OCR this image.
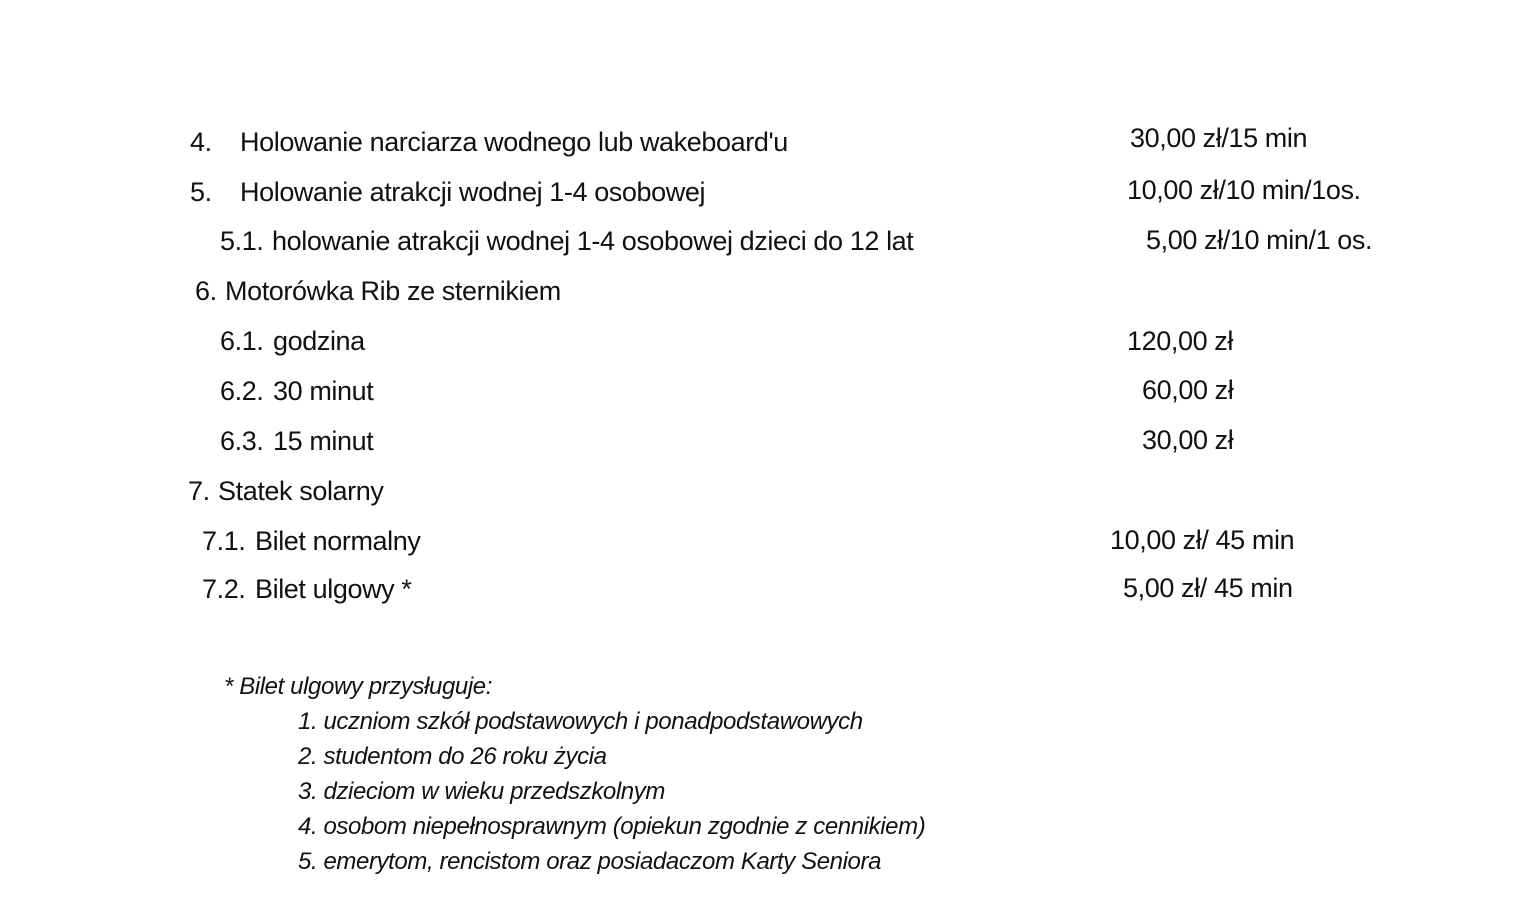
4. Holowanie narciarza wodnego lub wakeboard'u	30,00 zł/15 min
5. Holowanie atrakcji wodnej 1-4 osobowej	10,00 zł/10 min/1os.
5.1. holowanie atrakcji wodnej 1-4 osobowej dzieci do 12 lat	5,00 zł/10 min/1 os.
6. Motorówka Rib ze sternikiem
6.1. godzina	120,00 zł
6.2. 30 minut	60,00 zł
6.3. 15 minut	30,00 zł
7. Statek solarny
7.1. Bilet normalny	10,00 zł/ 45 min
7.2. Bilet ulgowy *	5,00 zł/ 45 min
* Bilet ulgowy przysługuje:
1. uczniom szkół podstawowych i ponadpodstawowych
2. studentom do 26 roku życia
3. dzieciom w wieku przedszkolnym
4. osobom niepełnosprawnym (opiekun zgodnie z cennikiem)
5. emerytom, rencistom oraz posiadaczom Karty Seniora
